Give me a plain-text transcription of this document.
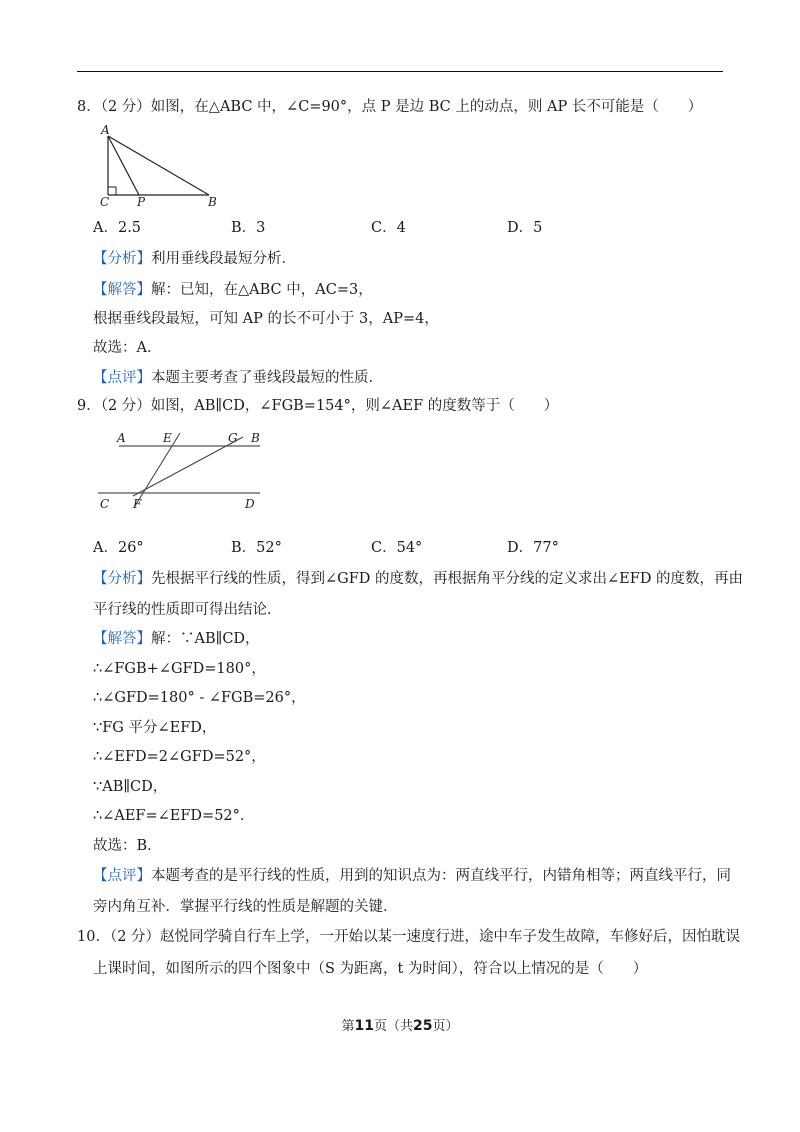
8．（2 分）如图，在△ABC 中，∠C=90°，点 P 是边 BC 上的动点，则 AP 长不可能是（　　）
A
C P	B
A．2.5	B．3	C．4	D．5
【分析】利用垂线段最短分析．
【解答】解：已知，在△ABC 中，AC=3，
根据垂线段最短，可知 AP 的长不可小于 3，AP=4，
故选：A．
【点评】本题主要考查了垂线段最短的性质．
9．（2 分）如图，AB∥CD，∠FGB=154°，则∠AEF 的度数等于（　　）
A	E	G B
C F	D
A．26°	B．52°	C．54°	D．77°
【分析】先根据平行线的性质，得到∠GFD 的度数，再根据角平分线的定义求出∠EFD 的度数，再由
平行线的性质即可得出结论．
【解答】解：∵AB∥CD，
∴∠FGB+∠GFD=180°，
∴∠GFD=180° - ∠FGB=26°，
∵FG 平分∠EFD，
∴∠EFD=2∠GFD=52°，
∵AB∥CD，
∴∠AEF=∠EFD=52°．
故选：B．
【点评】本题考查的是平行线的性质，用到的知识点为：两直线平行，内错角相等；两直线平行，同
旁内角互补．掌握平行线的性质是解题的关键．
10．（2 分）赵悦同学骑自行车上学，一开始以某一速度行进，途中车子发生故障，车修好后，因怕耽误
上课时间，如图所示的四个图象中（S 为距离，t 为时间），符合以上情况的是（　　）
第11页（共25页）
